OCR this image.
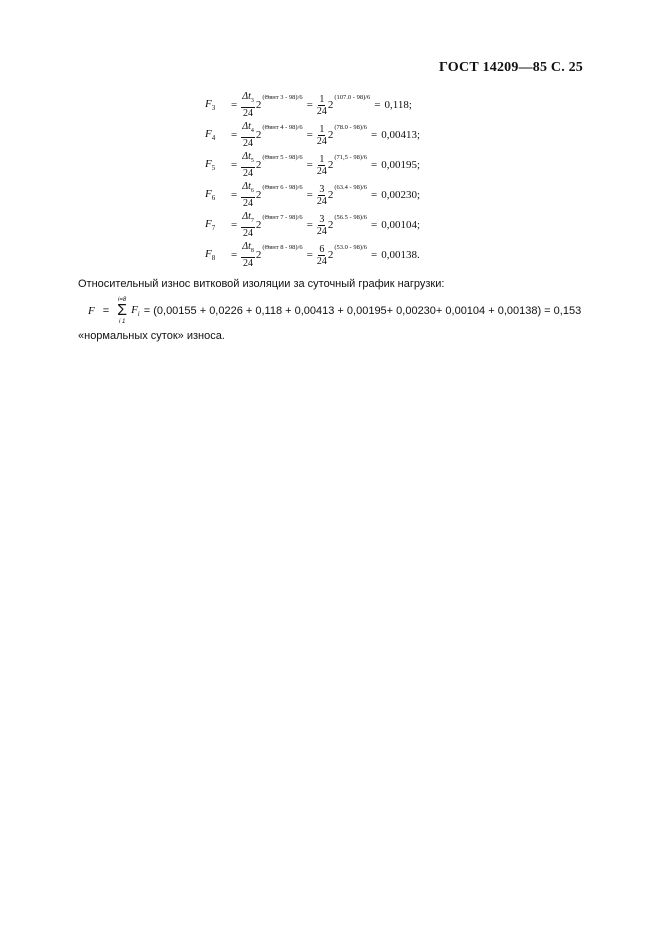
ГОСТ 14209—85 С. 25
$F_3$	= $\frac{\Delta t_3}{24} 2$
(Θвнт 3 - 98)/6
= $\frac{1}{24} 2$
(107.0 - 98)/6
= 0,118;
$F_4$	= $\frac{\Delta t_4}{24} 2$
(Θвнт 4 - 98)/6
= $\frac{1}{24} 2$
(78.0 - 98)/6
= 0,00413;
$F_5$	= $\frac{\Delta t_5}{24} 2$
(Θвнт 5 - 98)/6
= $\frac{1}{24} 2$
(71,5 - 98)/6
= 0,00195;
$F_6$	= $\frac{\Delta t_6}{24} 2$
(Θвнт 6 - 98)/6
= $\frac{3}{24} 2$
(63.4 - 98)/6
= 0,00230;
$F_7$	= $\frac{\Delta t_7}{24} 2$
(Θвнт 7 - 98)/6
= $\frac{3}{24} 2$
(56.5 - 98)/6
= 0,00104;
$F_8$	= $\frac{\Delta t_8}{24} 2$
(Θвнт 8 - 98)/6
= $\frac{6}{24} 2$
(53.0 - 98)/6
= 0,00138.
Относительный износ витковой изоляции за суточный график нагрузки:
F =
i=8
Σ
i 1
$F_i = (0,00155 + 0,0226 + 0,118 + 0,00413 + 0,00195+ 0,00230+ 0,00104 + 0,00138) = 0,153$
«нормальных суток» износа.
